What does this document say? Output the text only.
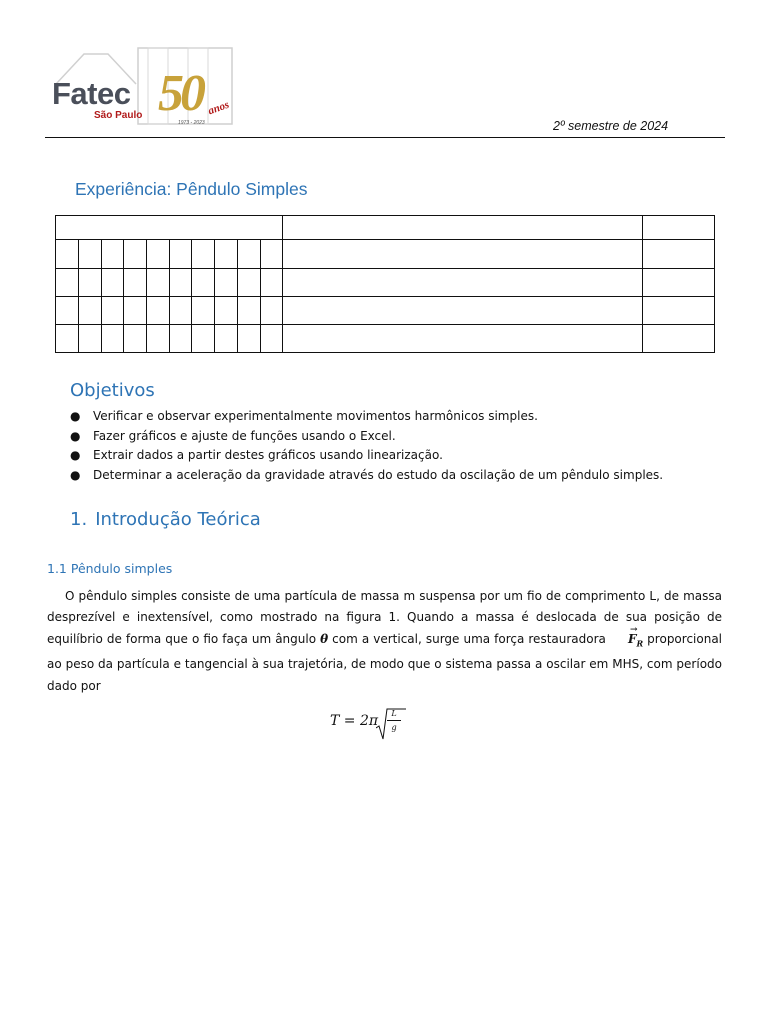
Fatec
São Paulo 50 anos
1973 - 2023	2º semestre de 2024
Experiência: Pêndulo Simples
Objetivos
● Verificar e observar experimentalmente movimentos harmônicos simples.
● Fazer gráficos e ajuste de funções usando o Excel.
● Extrair dados a partir destes gráficos usando linearização.
● Determinar a aceleração da gravidade através do estudo da oscilação de um pêndulo simples.
1. Introdução Teórica
1.1 Pêndulo simples
O pêndulo simples consiste de uma partícula de massa m suspensa por um fio de comprimento L, de massa desprezível e inextensível, como mostrado na figura 1. Quando a massa é deslocada de sua posição de equilíbrio de forma que o fio faça um ângulo θ com a vertical, surge uma força restauradora
→
$F_R$ proporcional ao peso da partícula e tangencial à sua trajetória, de modo que o sistema passa a oscilar em MHS, com período dado por
T = 2π	L
g
